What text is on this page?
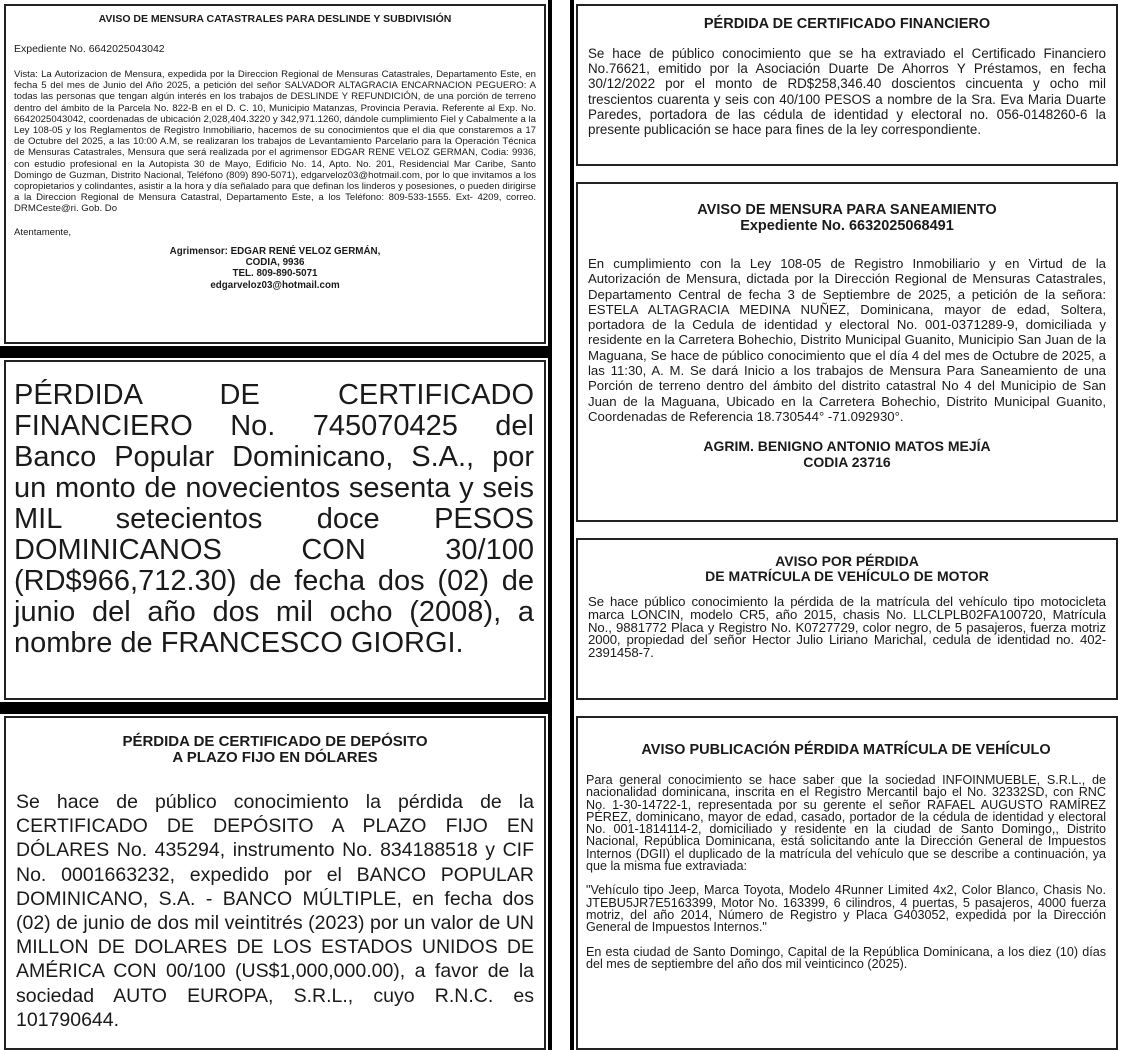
AVISO DE MENSURA CATASTRALES PARA DESLINDE Y SUBDIVISIÓN

Expediente No. 6642025043042

Vista: La Autorizacion de Mensura, expedida por la Direccion Regional de Mensuras Catastrales, Departamento Este, en fecha 5 del mes de Junio del Año 2025, a petición del señor SALVADOR ALTAGRACIA ENCARNACION PEGUERO: A todas las personas que tengan algún interés en los trabajos de DESLINDE Y REFUNDICIÓN, de una porción de terreno dentro del ámbito de la Parcela No. 822-B en el D. C. 10, Municipio Matanzas, Provincia Peravia. Referente al Exp. No. 6642025043042, coordenadas de ubicación 2,028,404.3220 y 342,971.1260, dándole cumplimiento Fiel y Cabalmente a la Ley 108-05 y los Reglamentos de Registro Inmobiliario, hacemos de su conocimientos que el dia que constaremos a 17 de Octubre del 2025, a las 10:00 A.M, se realizaran los trabajos de Levantamiento Parcelario para la Operación Técnica de Mensuras Catastrales, Mensura que será realizada por el agrimensor EDGAR RENE VELOZ GERMAN, Codia: 9936, con estudio profesional en la Autopista 30 de Mayo, Edificio No. 14, Apto. No. 201, Residencial Mar Caribe, Santo Domingo de Guzman, Distrito Nacional, Teléfono (809) 890-5071), edgarveloz03@hotmail.com, por lo que invitamos a los copropietarios y colindantes, asistir a la hora y día señalado para que definan los linderos y posesiones, o pueden dirigirse a la Direccion Regional de Mensura Catastral, Departamento Este, a los Teléfono: 809-533-1555. Ext- 4209, correo. DRMCeste@ri. Gob. Do

Atentamente,

Agrimensor: EDGAR RENÉ VELOZ GERMÁN,
CODIA, 9936
TEL. 809-890-5071
edgarveloz03@hotmail.com

PÉRDIDA DE CERTIFICADO FINANCIERO No. 745070425 del Banco Popular Dominicano, S.A., por un monto de novecientos sesenta y seis MIL setecientos doce PESOS DOMINICANOS CON 30/100 (RD$966,712.30) de fecha dos (02) de junio del año dos mil ocho (2008), a nombre de FRANCESCO GIORGI.

PÉRDIDA DE CERTIFICADO DE DEPÓSITO
A PLAZO FIJO EN DÓLARES

Se hace de público conocimiento la pérdida de la CERTIFICADO DE DEPÓSITO A PLAZO FIJO EN DÓLARES No. 435294, instrumento No. 834188518 y CIF No. 0001663232, expedido por el BANCO POPULAR DOMINICANO, S.A. - BANCO MÚLTIPLE, en fecha dos (02) de junio de dos mil veintitrés (2023) por un valor de UN MILLON DE DOLARES DE LOS ESTADOS UNIDOS DE AMÉRICA CON 00/100 (US$1,000,000.00), a favor de la sociedad AUTO EUROPA, S.R.L., cuyo R.N.C. es 101790644.

PÉRDIDA DE CERTIFICADO FINANCIERO

Se hace de público conocimiento que se ha extraviado el Certificado Financiero No.76621, emitido por la Asociación Duarte De Ahorros Y Préstamos, en fecha 30/12/2022 por el monto de RD$258,346.40 doscientos cincuenta y ocho mil trescientos cuarenta y seis con 40/100 PESOS a nombre de la Sra. Eva Maria Duarte Paredes, portadora de las cédula de identidad y electoral no. 056-0148260-6 la presente publicación se hace para fines de la ley correspondiente.

AVISO DE MENSURA PARA SANEAMIENTO
Expediente No. 6632025068491

En cumplimiento con la Ley 108-05 de Registro Inmobiliario y en Virtud de la Autorización de Mensura, dictada por la Dirección Regional de Mensuras Catastrales, Departamento Central de fecha 3 de Septiembre de 2025, a petición de la señora: ESTELA ALTAGRACIA MEDINA NUÑEZ, Dominicana, mayor de edad, Soltera, portadora de la Cedula de identidad y electoral No. 001-0371289-9, domiciliada y residente en la Carretera Bohechio, Distrito Municipal Guanito, Municipio San Juan de la Maguana, Se hace de público conocimiento que el día 4 del mes de Octubre de 2025, a las 11:30, A. M. Se dará Inicio a los trabajos de Mensura Para Saneamiento de una Porción de terreno dentro del ámbito del distrito catastral No 4 del Municipio de San Juan de la Maguana, Ubicado en la Carretera Bohechio, Distrito Municipal Guanito, Coordenadas de Referencia 18.730544° -71.092930°.

AGRIM. BENIGNO ANTONIO MATOS MEJÍA
CODIA 23716
AVISO POR PÉRDIDA
DE MATRÍCULA DE VEHÍCULO DE MOTOR

Se hace público conocimiento la pérdida de la matrícula del vehículo tipo motocicleta marca LONCIN, modelo CR5, año 2015, chasis No. LLCLPLB02FA100720, Matrícula No., 9881772 Placa y Registro No. K0727729, color negro, de 5 pasajeros, fuerza motriz 2000, propiedad del señor Hector Julio Liriano Marichal, cedula de identidad no. 402-2391458-7.

AVISO PUBLICACIÓN PÉRDIDA MATRÍCULA DE VEHÍCULO

Para general conocimiento se hace saber que la sociedad INFOINMUEBLE, S.R.L., de nacionalidad dominicana, inscrita en el Registro Mercantil bajo el No. 32332SD, con RNC No. 1-30-14722-1, representada por su gerente el señor RAFAEL AUGUSTO RAMÍREZ PÉREZ, dominicano, mayor de edad, casado, portador de la cédula de identidad y electoral No. 001-1814114-2, domiciliado y residente en la ciudad de Santo Domingo,, Distrito Nacional, República Dominicana, está solicitando ante la Dirección General de Impuestos Internos (DGII) el duplicado de la matrícula del vehículo que se describe a continuación, ya que la misma fue extraviada:

"Vehículo tipo Jeep, Marca Toyota, Modelo 4Runner Limited 4x2, Color Blanco, Chasis No. JTEBU5JR7E5163399, Motor No. 163399, 6 cilindros, 4 puertas, 5 pasajeros, 4000 fuerza motriz, del año 2014, Número de Registro y Placa G403052, expedida por la Dirección General de Impuestos Internos."

En esta ciudad de Santo Domingo, Capital de la República Dominicana, a los diez (10) días del mes de septiembre del año dos mil veinticinco (2025).
